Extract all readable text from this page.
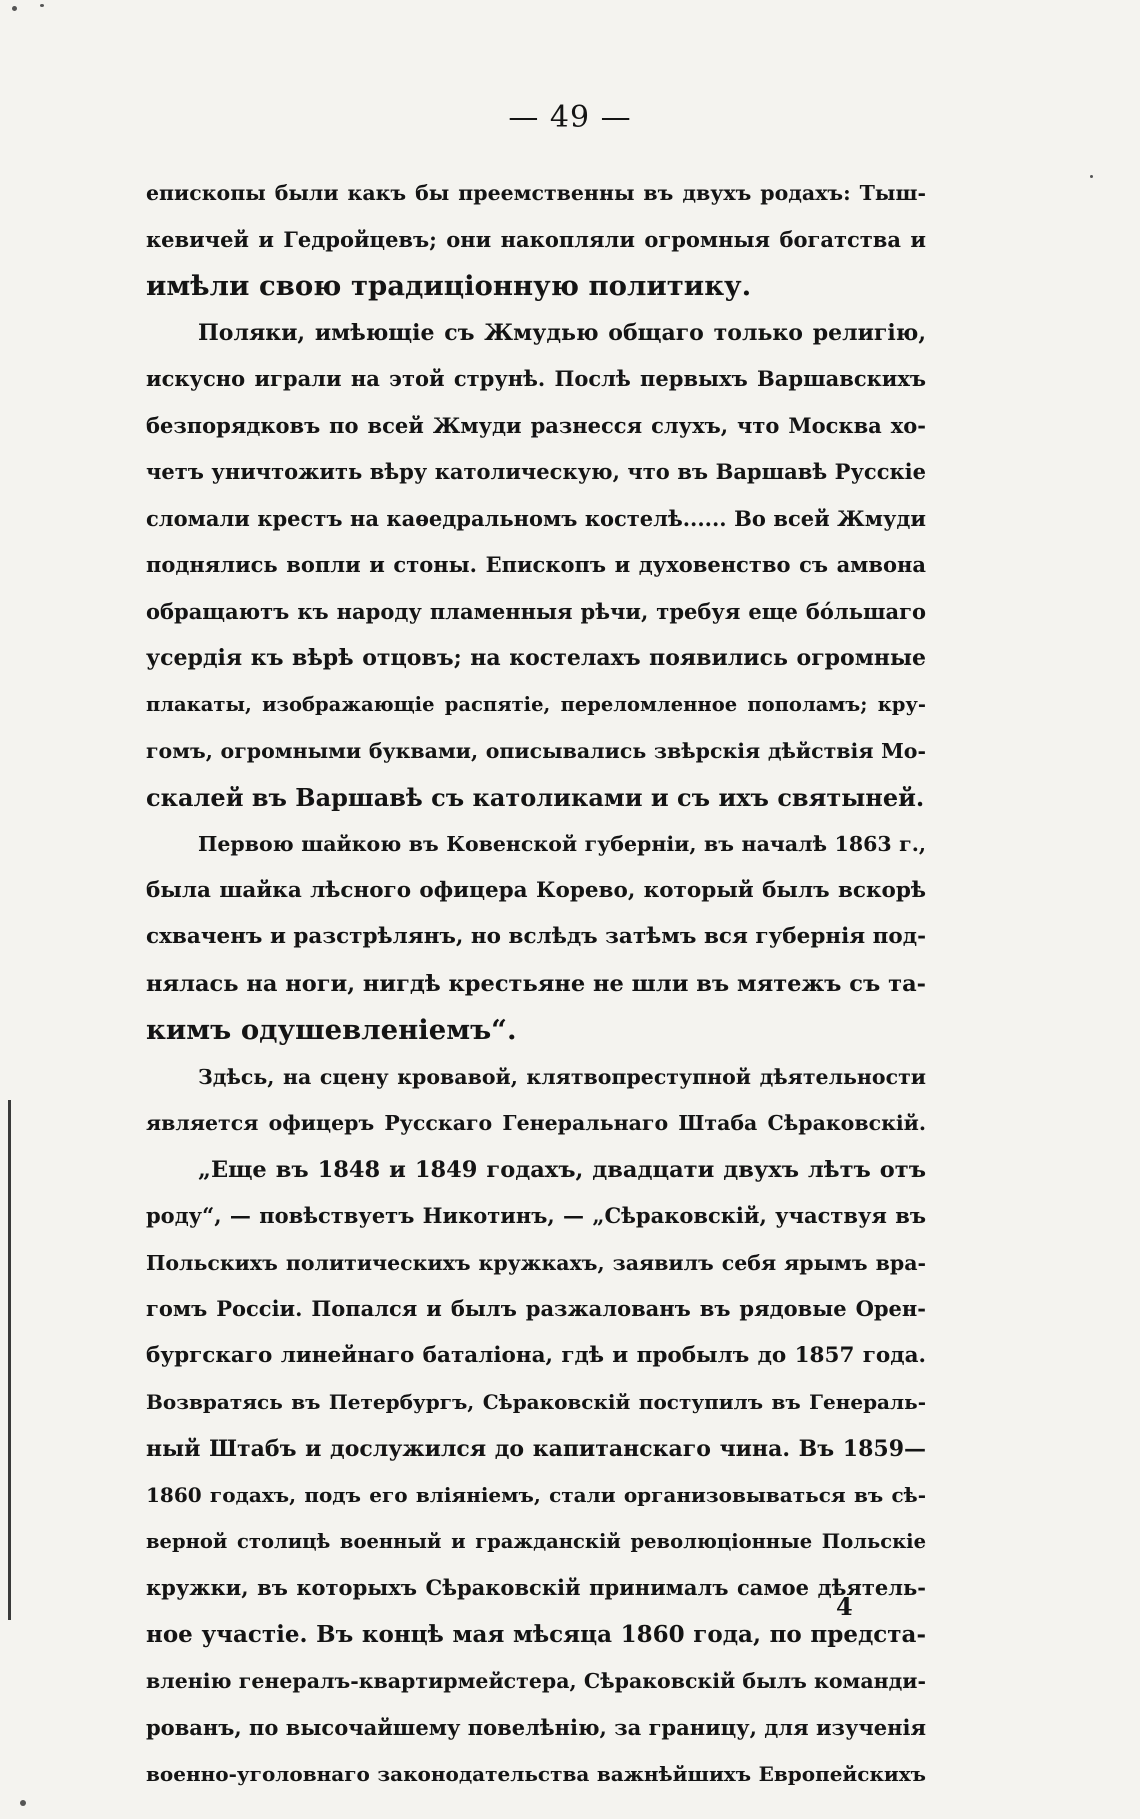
— 49 —
епископы были какъ бы преемственны въ двухъ родахъ: Тыш-
кевичей и Гедройцевъ; они накопляли огромныя богатства и
имѣли свою традиціонную политику.
Поляки, имѣющіе съ Жмудью общаго только религію,
искусно играли на этой струнѣ. Послѣ первыхъ Варшавскихъ
безпорядковъ по всей Жмуди разнесся слухъ, что Москва хо-
четъ уничтожить вѣру католическую, что въ Варшавѣ Русскіе
сломали крестъ на каѳедральномъ костелѣ...... Во всей Жмуди
поднялись вопли и стоны. Епископъ и духовенство съ амвона
обращаютъ къ народу пламенныя рѣчи, требуя еще бóльшаго
усердія къ вѣрѣ отцовъ; на костелахъ появились огромные
плакаты, изображающіе распятіе, переломленное пополамъ; кру-
гомъ, огромными буквами, описывались звѣрскія дѣйствія Мо-
скалей въ Варшавѣ съ католиками и съ ихъ святыней.
Первою шайкою въ Ковенской губерніи, въ началѣ 1863 г.,
была шайка лѣсного офицера Корево, который былъ вскорѣ
схваченъ и разстрѣлянъ, но вслѣдъ затѣмъ вся губернія под-
нялась на ноги, нигдѣ крестьяне не шли въ мятежъ съ та-
кимъ одушевленіемъ“.
Здѣсь, на сцену кровавой, клятвопреступной дѣятельности
является офицеръ Русскаго Генеральнаго Штаба Сѣраковскій.
„Еще въ 1848 и 1849 годахъ, двадцати двухъ лѣтъ отъ
роду“, — повѣствуетъ Никотинъ, — „Сѣраковскій, участвуя въ
Польскихъ политическихъ кружкахъ, заявилъ себя ярымъ вра-
гомъ Россіи. Попался и былъ разжалованъ въ рядовые Орен-
бургскаго линейнаго баталіона, гдѣ и пробылъ до 1857 года.
Возвратясь въ Петербургъ, Сѣраковскій поступилъ въ Генераль-
ный Штабъ и дослужился до капитанскаго чина. Въ 1859—
1860 годахъ, подъ его вліяніемъ, стали организовываться въ сѣ-
верной столицѣ военный и гражданскій революціонные Польскіе
кружки, въ которыхъ Сѣраковскій принималъ самое дѣятель-
ное участіе. Въ концѣ мая мѣсяца 1860 года, по предста-
вленію генералъ-квартирмейстера, Сѣраковскій былъ команди-
рованъ, по высочайшему повелѣнію, за границу, для изученія
военно-уголовнаго законодательства важнѣйшихъ Европейскихъ
4
